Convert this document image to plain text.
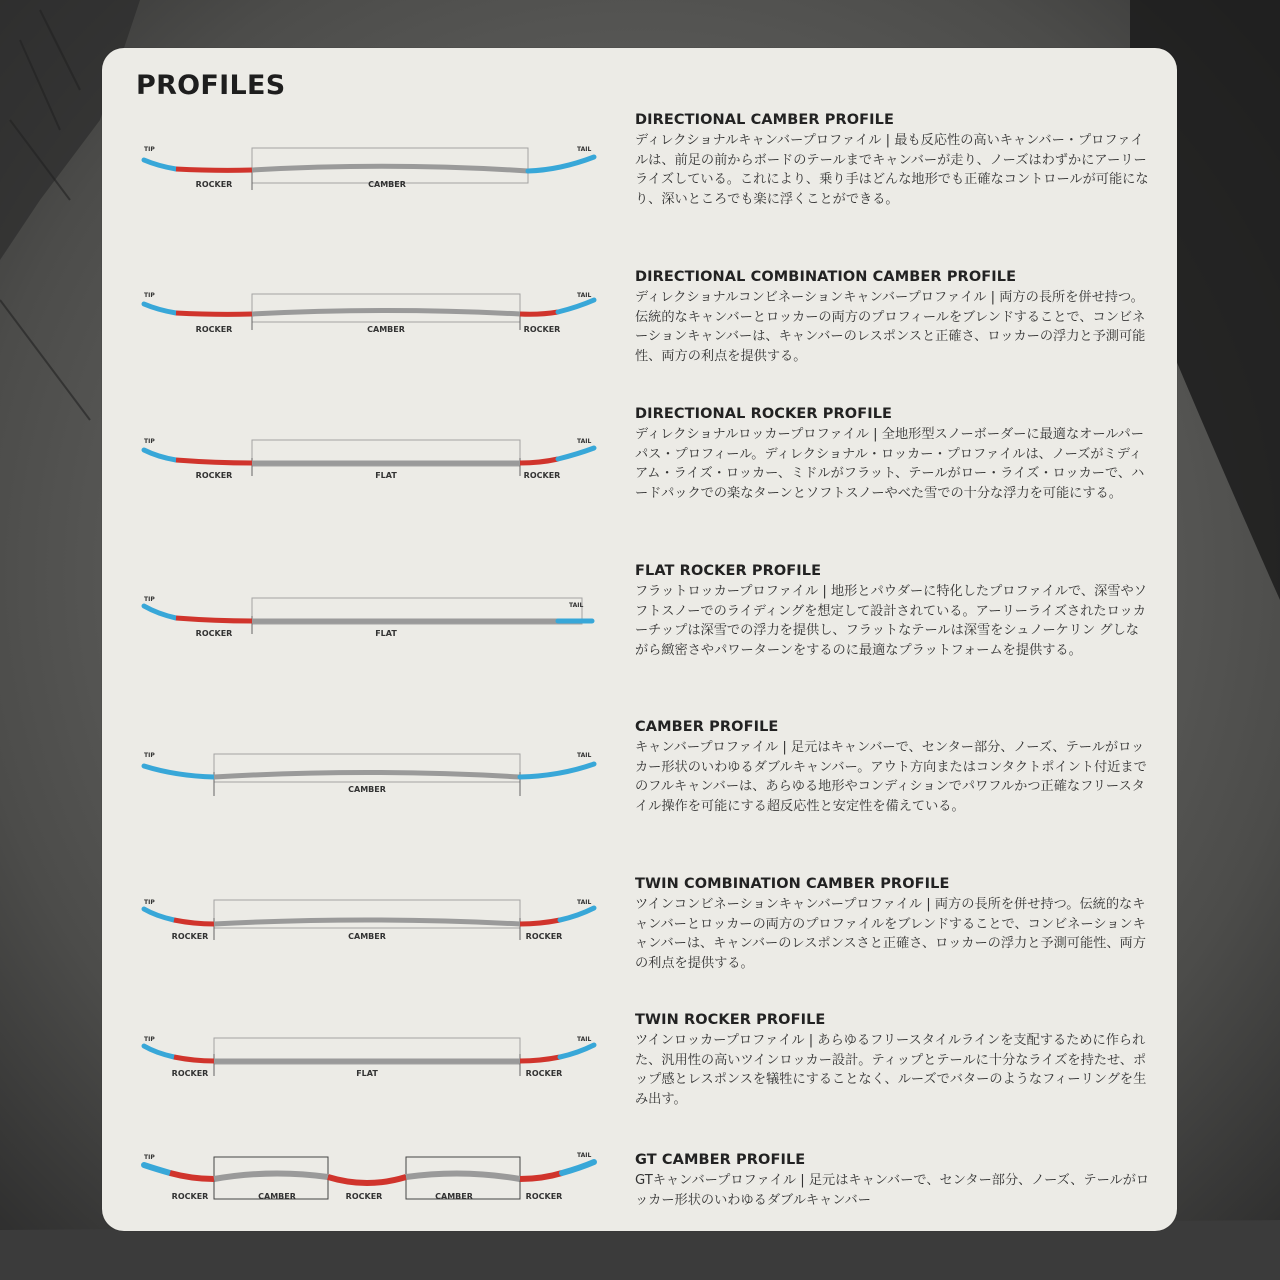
PROFILES
TIP	TAIL
ROCKER	CAMBER
DIRECTIONAL CAMBER PROFILE
ディレクショナルキャンバープロファイル | 最も反応性の高いキャンバー・プロファイルは、前足の前からボードのテールまでキャンバーが走り、ノーズはわずかにアーリーライズしている。これにより、乗り手はどんな地形でも正確なコントロールが可能になり、深いところでも楽に浮くことができる。
TIP	TAIL
ROCKER	CAMBER	ROCKER
DIRECTIONAL COMBINATION CAMBER PROFILE
ディレクショナルコンビネーションキャンバープロファイル | 両方の長所を併せ持つ。伝統的なキャンバーとロッカーの両方のプロフィールをブレンドすることで、コンビネーションキャンバーは、キャンバーのレスポンスと正確さ、ロッカーの浮力と予測可能性、両方の利点を提供する。
TIP	TAIL
ROCKER	FLAT	ROCKER
DIRECTIONAL ROCKER PROFILE
ディレクショナルロッカープロファイル | 全地形型スノーボーダーに最適なオールパーパス・プロフィール。ディレクショナル・ロッカー・プロファイルは、ノーズがミディアム・ライズ・ロッカー、ミドルがフラット、テールがロー・ライズ・ロッカーで、ハードパックでの楽なターンとソフトスノーやべた雪での十分な浮力を可能にする。
TIP
TAIL
ROCKER	FLAT
FLAT ROCKER PROFILE
フラットロッカープロファイル | 地形とパウダーに特化したプロファイルで、深雪やソフトスノーでのライディングを想定して設計されている。アーリーライズされたロッカーチップは深雪での浮力を提供し、フラットなテールは深雪をシュノーケリン グしながら緻密さやパワーターンをするのに最適なプラットフォームを提供する。
TIP	TAIL
CAMBER
CAMBER PROFILE
キャンバープロファイル | 足元はキャンバーで、センター部分、ノーズ、テールがロッカー形状のいわゆるダブルキャンバー。アウト方向またはコンタクトポイント付近までのフルキャンバーは、あらゆる地形やコンディションでパワフルかつ正確なフリースタイル操作を可能にする超反応性と安定性を備えている。
TIP	TAIL
ROCKER	CAMBER	ROCKER
TWIN COMBINATION CAMBER PROFILE
ツインコンビネーションキャンバープロファイル | 両方の長所を併せ持つ。伝統的なキャンバーとロッカーの両方のプロファイルをブレンドすることで、コンビネーションキャンバーは、キャンバーのレスポンスさと正確さ、ロッカーの浮力と予測可能性、両方の利点を提供する。
TIP	TAIL
ROCKER	FLAT	ROCKER
TWIN ROCKER PROFILE
ツインロッカープロファイル | あらゆるフリースタイルラインを支配するために作られた、汎用性の高いツインロッカー設計。ティップとテールに十分なライズを持たせ、ポップ感とレスポンスを犠牲にすることなく、ルーズでバターのようなフィーリングを生み出す。
TIP	TAIL
ROCKER	CAMBER	ROCKER	CAMBER	ROCKER
GT CAMBER PROFILE
GTキャンバープロファイル | 足元はキャンバーで、センター部分、ノーズ、テールがロッカー形状のいわゆるダブルキャンバー
